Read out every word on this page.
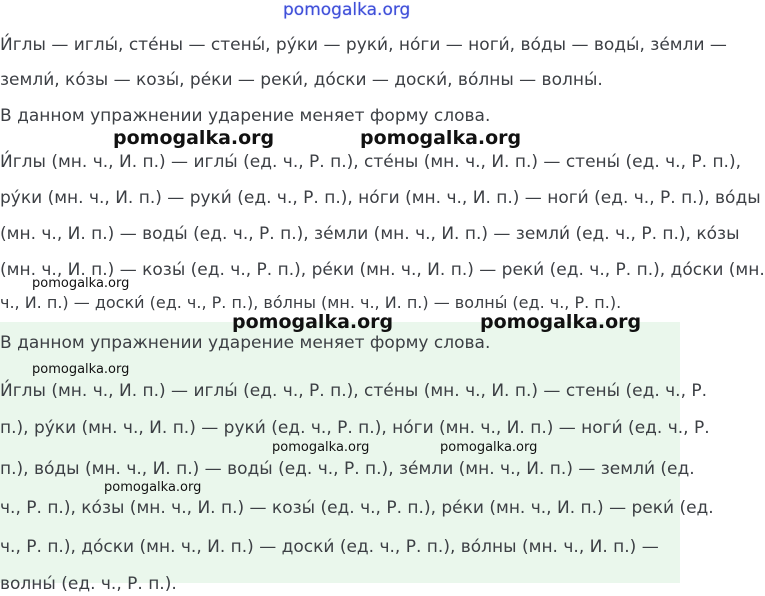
pomogalka.org

И́глы — иглы́, сте́ны — стены́, ру́ки — руки́, но́ги — ноги́, во́ды — воды́, зе́мли —

земли́, ко́зы — козы́, ре́ки — реки́, до́ски — доски́, во́лны — волны́.

В данном упражнении ударение меняет форму слова.

И́глы (мн. ч., И. п.) — иглы́ (ед. ч., Р. п.), сте́ны (мн. ч., И. п.) — стены́ (ед. ч., Р. п.),

ру́ки (мн. ч., И. п.) — руки́ (ед. ч., Р. п.), но́ги (мн. ч., И. п.) — ноги́ (ед. ч., Р. п.), во́ды

(мн. ч., И. п.) — воды́ (ед. ч., Р. п.), зе́мли (мн. ч., И. п.) — земли́ (ед. ч., Р. п.), ко́зы

(мн. ч., И. п.) — козы́ (ед. ч., Р. п.), ре́ки (мн. ч., И. п.) — реки́ (ед. ч., Р. п.), до́ски (мн.

ч., И. п.) — доски́ (ед. ч., Р. п.), во́лны (мн. ч., И. п.) — волны́ (ед. ч., Р. п.).

В данном упражнении ударение меняет форму слова.

И́глы (мн. ч., И. п.) — иглы́ (ед. ч., Р. п.), сте́ны (мн. ч., И. п.) — стены́ (ед. ч., Р.

п.), ру́ки (мн. ч., И. п.) — руки́ (ед. ч., Р. п.), но́ги (мн. ч., И. п.) — ноги́ (ед. ч., Р.

п.), во́ды (мн. ч., И. п.) — воды́ (ед. ч., Р. п.), зе́мли (мн. ч., И. п.) — земли́ (ед.

ч., Р. п.), ко́зы (мн. ч., И. п.) — козы́ (ед. ч., Р. п.), ре́ки (мн. ч., И. п.) — реки́ (ед.

ч., Р. п.), до́ски (мн. ч., И. п.) — доски́ (ед. ч., Р. п.), во́лны (мн. ч., И. п.) —

волны́ (ед. ч., Р. п.).

pomogalka.org	pomogalka.org
pomogalka.org	pomogalka.org
pomogalka.org
pomogalka.org
pomogalka.org	pomogalka.org
pomogalka.org
